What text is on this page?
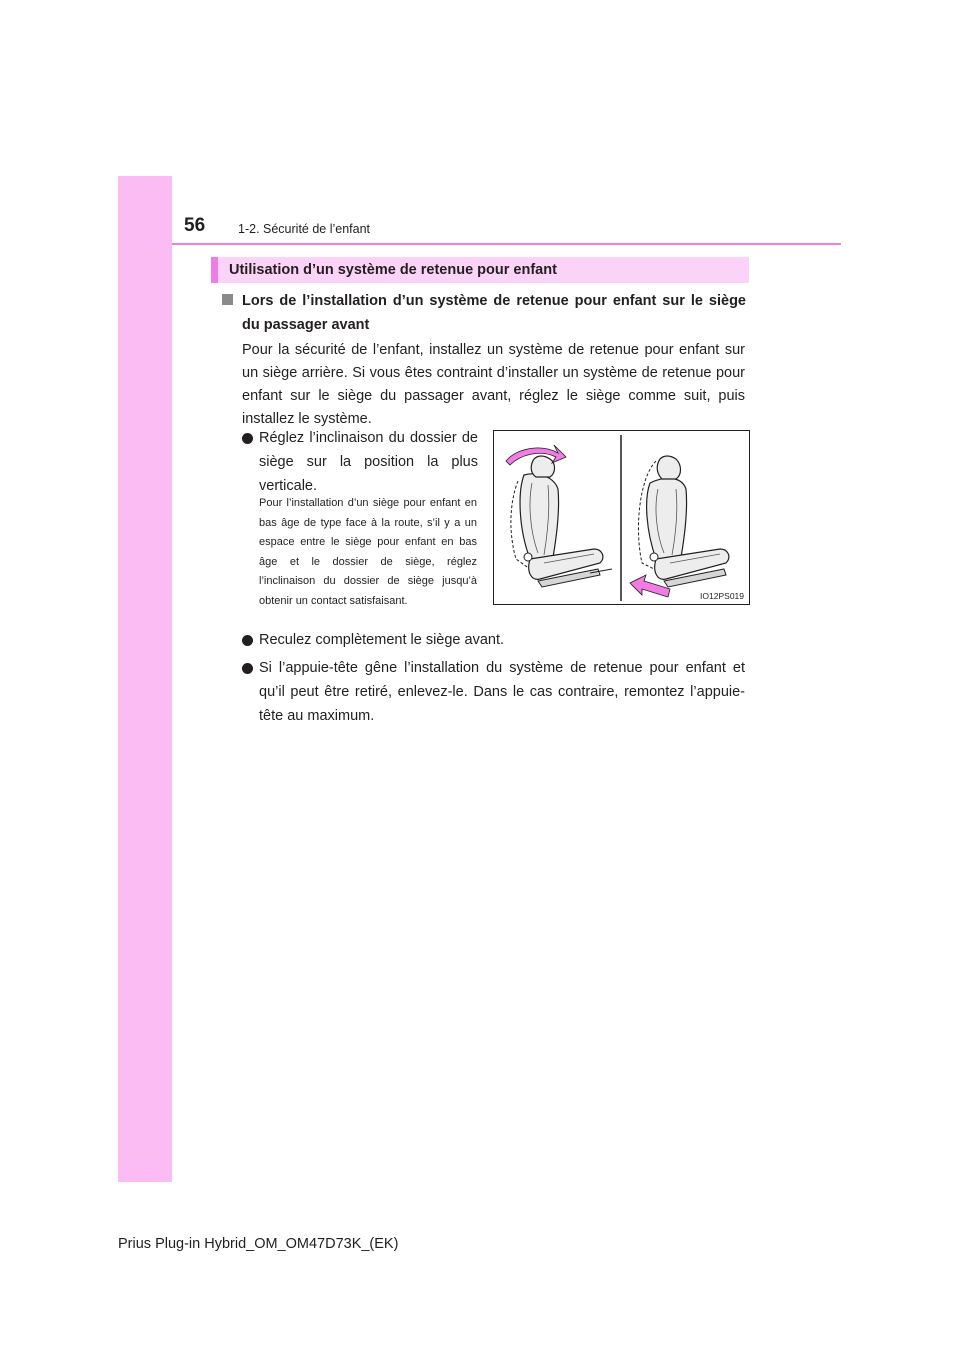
56	1-2. Sécurité de l’enfant
Utilisation d’un système de retenue pour enfant
Lors de l’installation d’un système de retenue pour enfant sur le siège du passager avant
Pour la sécurité de l’enfant, installez un système de retenue pour enfant sur un siège arrière. Si vous êtes contraint d’installer un système de retenue pour enfant sur le siège du passager avant, réglez le siège comme suit, puis installez le système.
Réglez l’inclinaison du dossier de siège sur la position la plus verticale.
Pour l’installation d’un siège pour enfant en bas âge de type face à la route, s’il y a un espace entre le siège pour enfant en bas âge et le dossier de siège, réglez l’inclinaison du dossier de siège jusqu’à obtenir un contact satisfaisant.	IO12PS019
Reculez complètement le siège avant.
Si l’appuie-tête gêne l’installation du système de retenue pour enfant et qu’il peut être retiré, enlevez-le. Dans le cas contraire, remontez l’appuie-tête au maximum.
Prius Plug-in Hybrid_OM_OM47D73K_(EK)
